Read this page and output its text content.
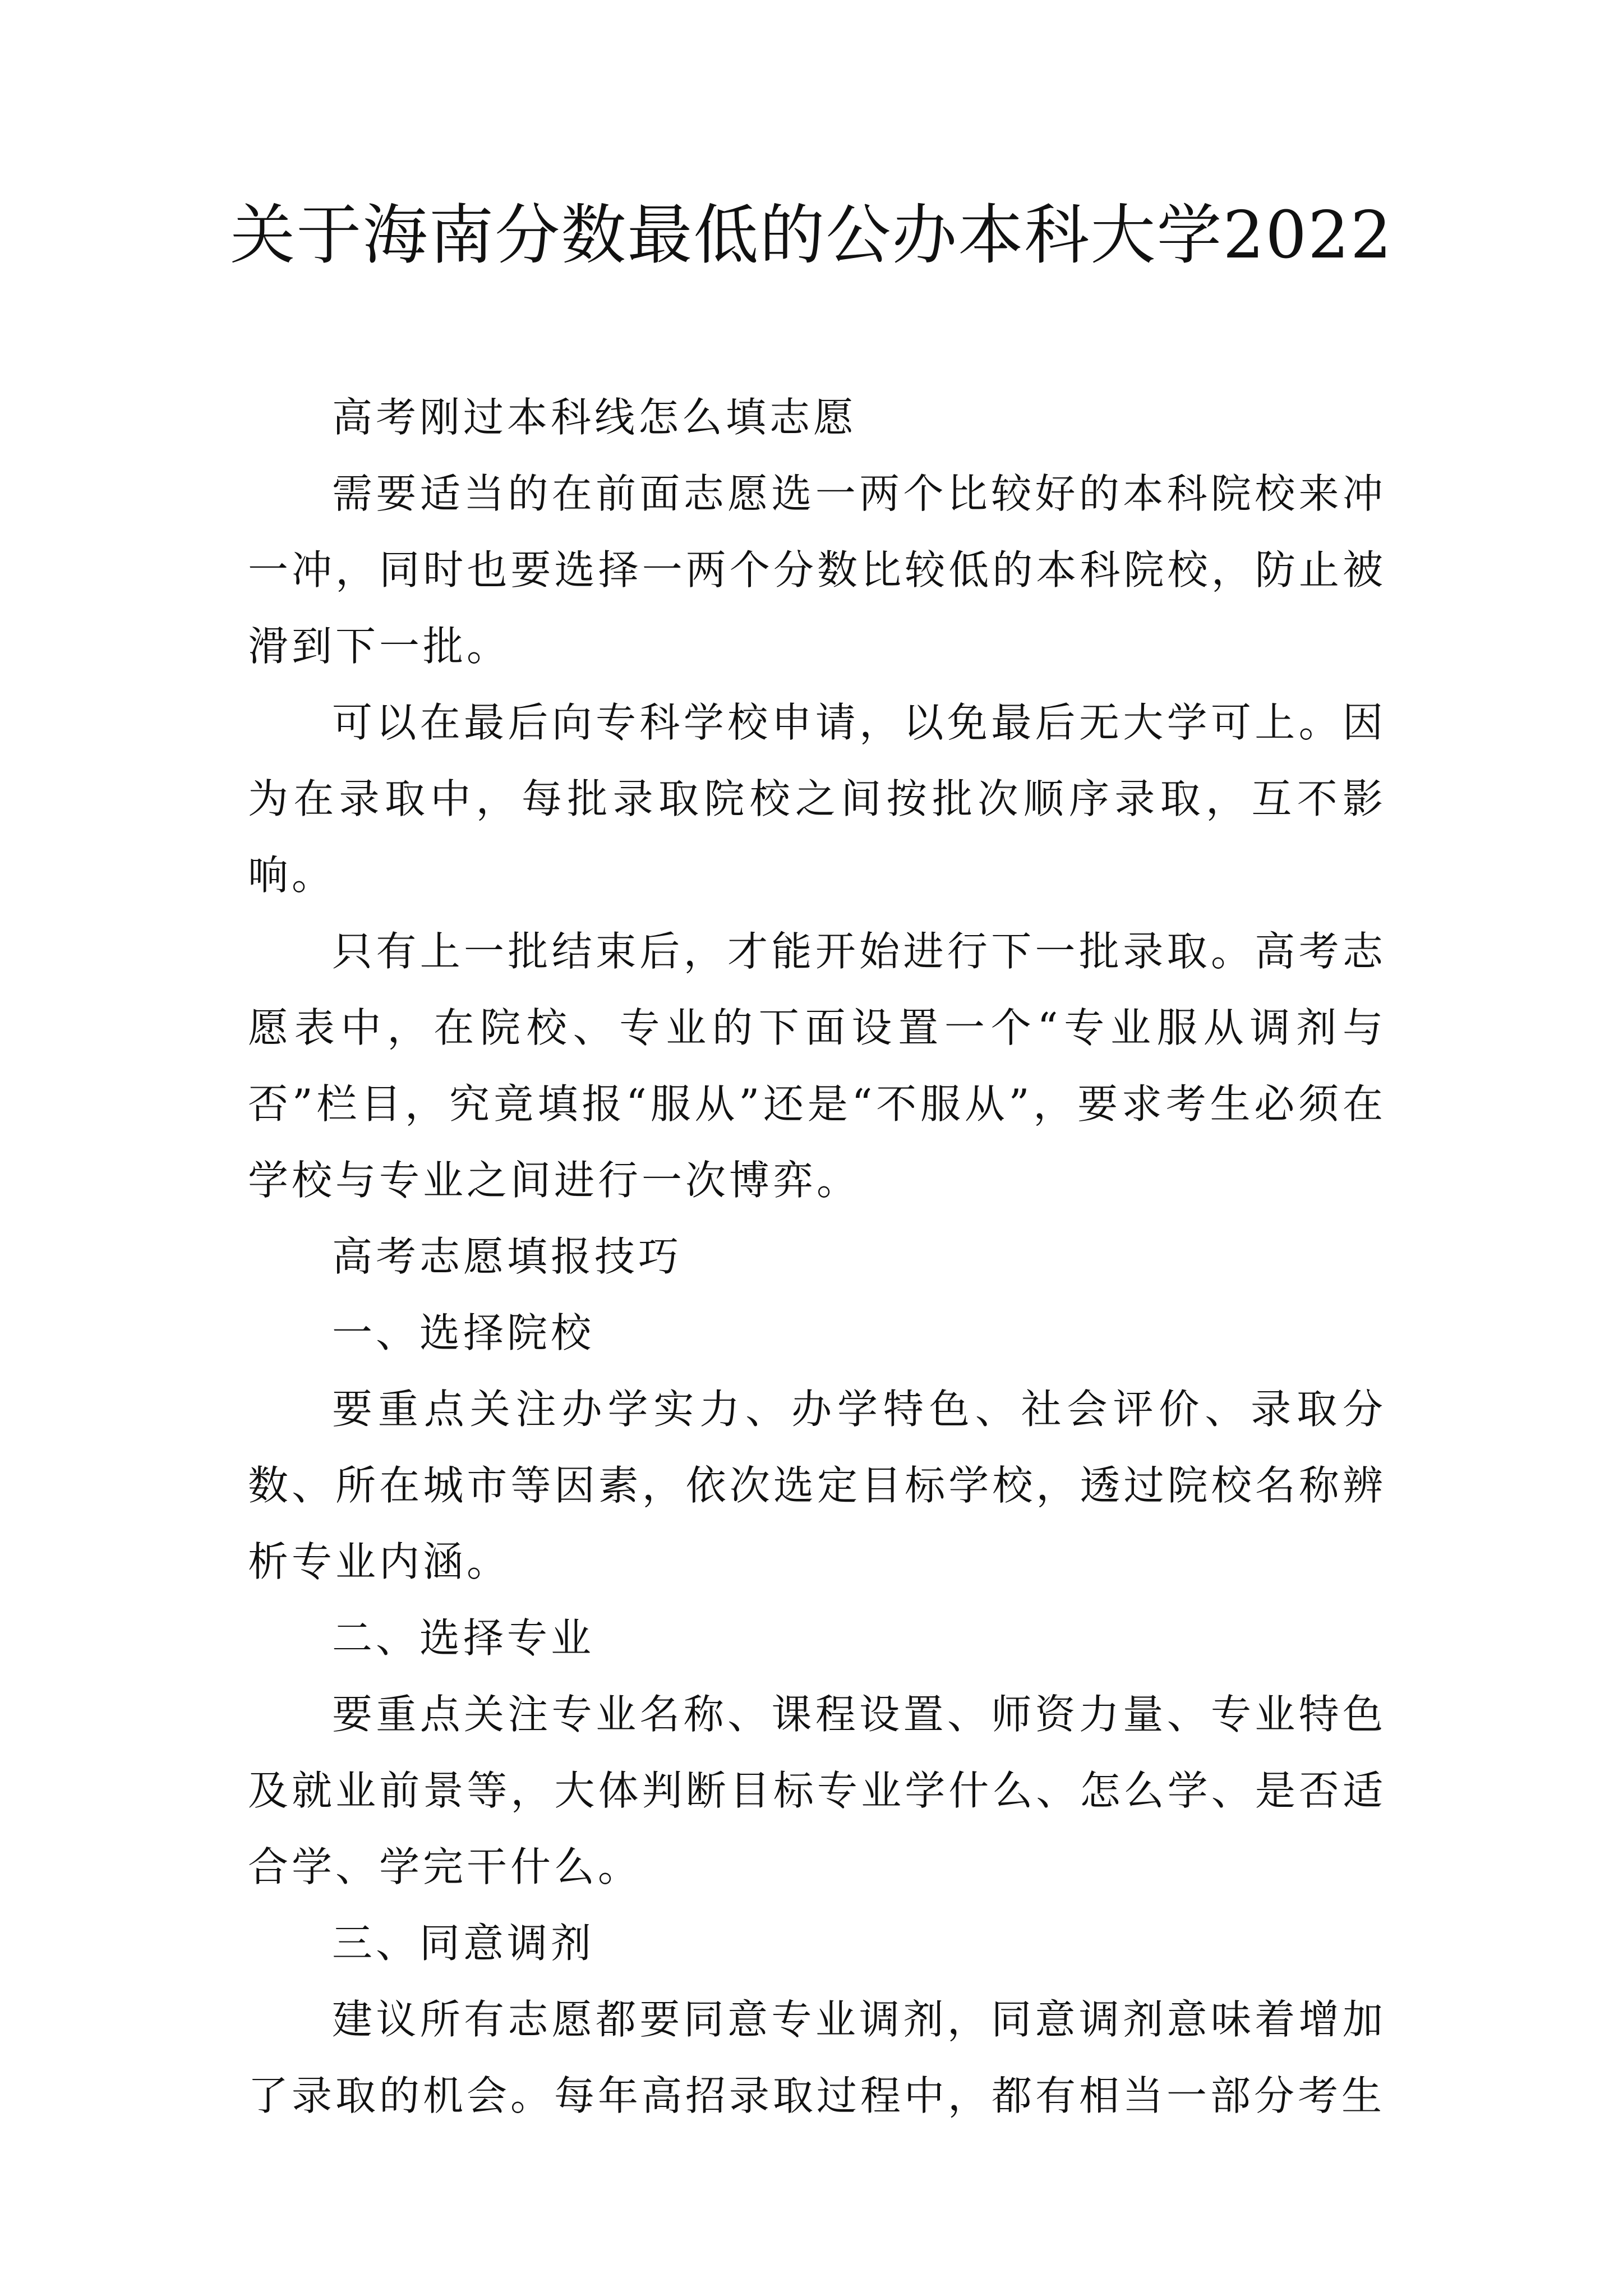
关于海南分数最低的公办本科大学2022

高考刚过本科线怎么填志愿

需要适当的在前面志愿选一两个比较好的本科院校来冲一冲，同时也要选择一两个分数比较低的本科院校，防止被滑到下一批。

可以在最后向专科学校申请，以免最后无大学可上。因为在录取中，每批录取院校之间按批次顺序录取，互不影响。

只有上一批结束后，才能开始进行下一批录取。高考志愿表中，在院校、专业的下面设置一个“专业服从调剂与否”栏目，究竟填报“服从”还是“不服从”，要求考生必须在学校与专业之间进行一次博弈。

高考志愿填报技巧

一、选择院校

要重点关注办学实力、办学特色、社会评价、录取分数、所在城市等因素，依次选定目标学校，透过院校名称辨析专业内涵。

二、选择专业

要重点关注专业名称、课程设置、师资力量、专业特色及就业前景等，大体判断目标专业学什么、怎么学、是否适合学、学完干什么。

三、同意调剂

建议所有志愿都要同意专业调剂，同意调剂意味着增加了录取的机会。每年高招录取过程中，都有相当一部分考生
